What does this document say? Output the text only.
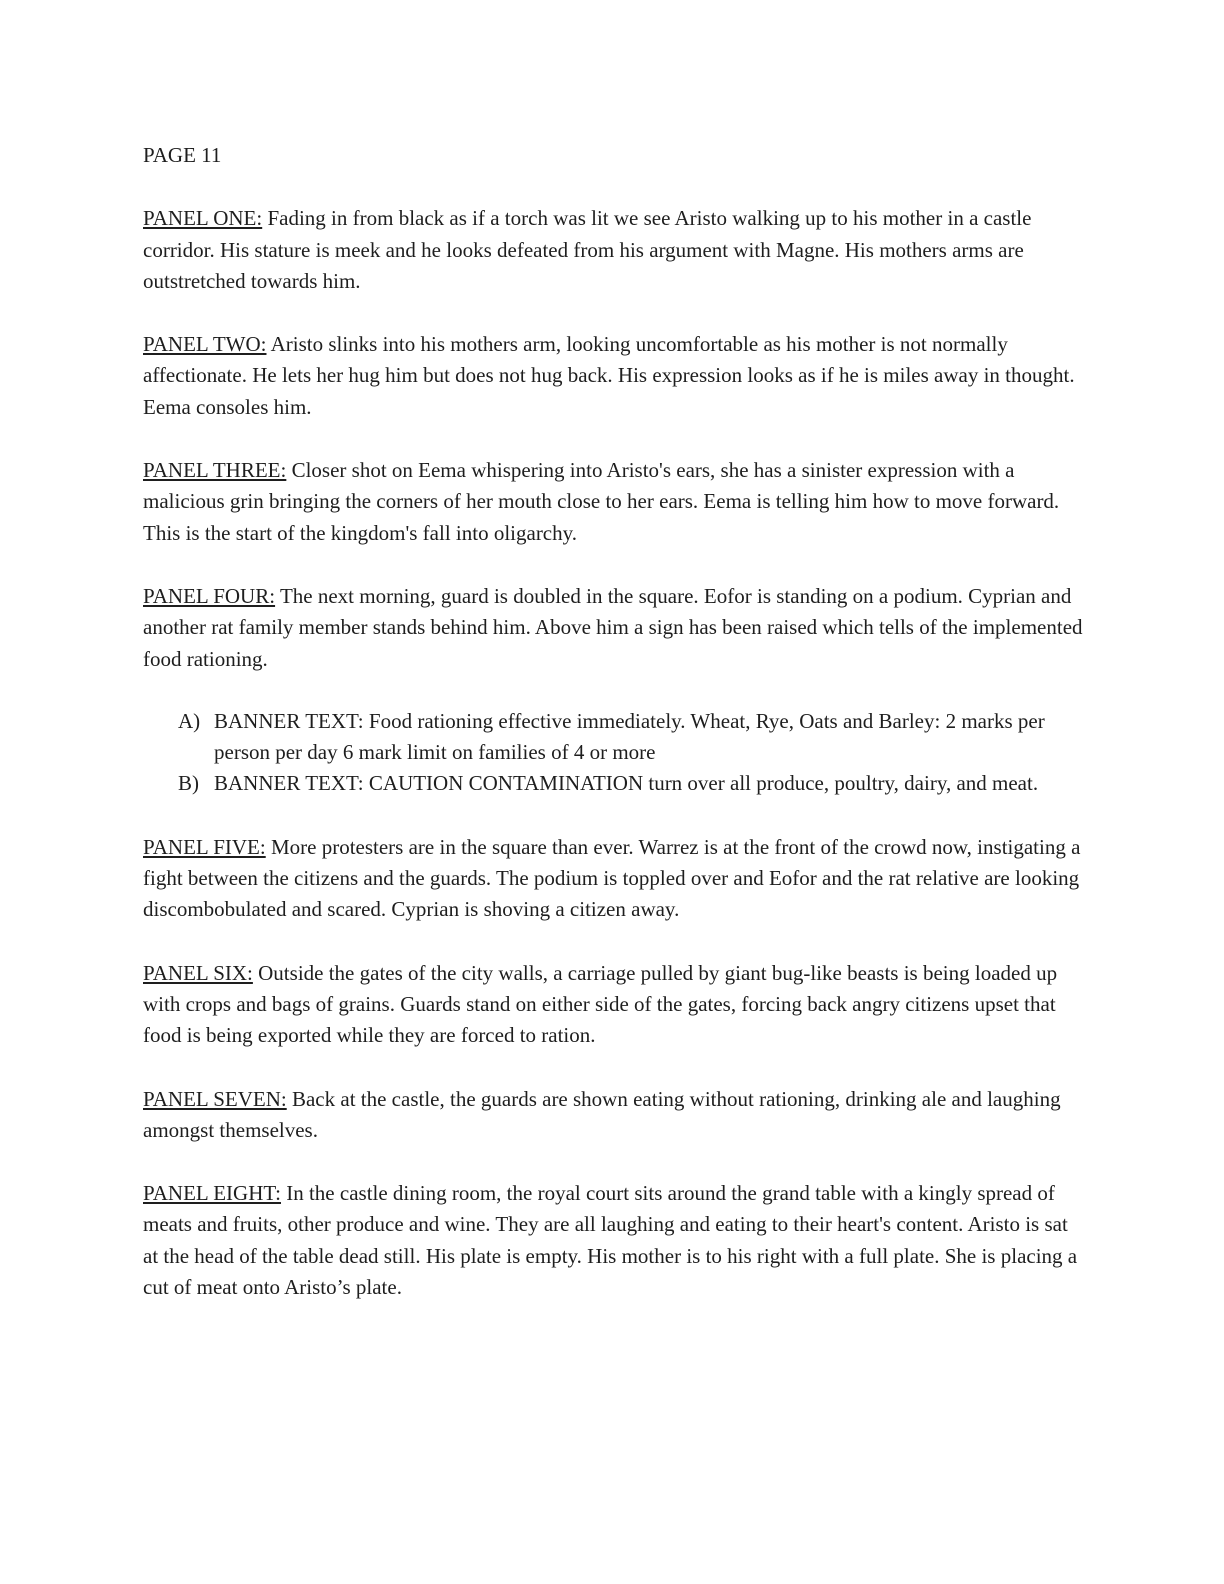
PAGE 11

PANEL ONE: Fading in from black as if a torch was lit we see Aristo walking up to his mother in a castle corridor. His stature is meek and he looks defeated from his argument with Magne. His mothers arms are outstretched towards him.

PANEL TWO: Aristo slinks into his mothers arm, looking uncomfortable as his mother is not normally affectionate. He lets her hug him but does not hug back. His expression looks as if he is miles away in thought. Eema consoles him.

PANEL THREE: Closer shot on Eema whispering into Aristo's ears, she has a sinister expression with a malicious grin bringing the corners of her mouth close to her ears. Eema is telling him how to move forward. This is the start of the kingdom's fall into oligarchy.

PANEL FOUR: The next morning, guard is doubled in the square. Eofor is standing on a podium. Cyprian and another rat family member stands behind him. Above him a sign has been raised which tells of the implemented food rationing.

A) BANNER TEXT: Food rationing effective immediately. Wheat, Rye, Oats and Barley: 2 marks per person per day 6 mark limit on families of 4 or more
B) BANNER TEXT: CAUTION CONTAMINATION turn over all produce, poultry, dairy, and meat.

PANEL FIVE: More protesters are in the square than ever. Warrez is at the front of the crowd now, instigating a fight between the citizens and the guards. The podium is toppled over and Eofor and the rat relative are looking discombobulated and scared. Cyprian is shoving a citizen away.

PANEL SIX: Outside the gates of the city walls, a carriage pulled by giant bug-like beasts is being loaded up with crops and bags of grains. Guards stand on either side of the gates, forcing back angry citizens upset that food is being exported while they are forced to ration.

PANEL SEVEN: Back at the castle, the guards are shown eating without rationing, drinking ale and laughing amongst themselves.

PANEL EIGHT: In the castle dining room, the royal court sits around the grand table with a kingly spread of meats and fruits, other produce and wine. They are all laughing and eating to their heart's content. Aristo is sat at the head of the table dead still. His plate is empty. His mother is to his right with a full plate. She is placing a cut of meat onto Aristo’s plate.
